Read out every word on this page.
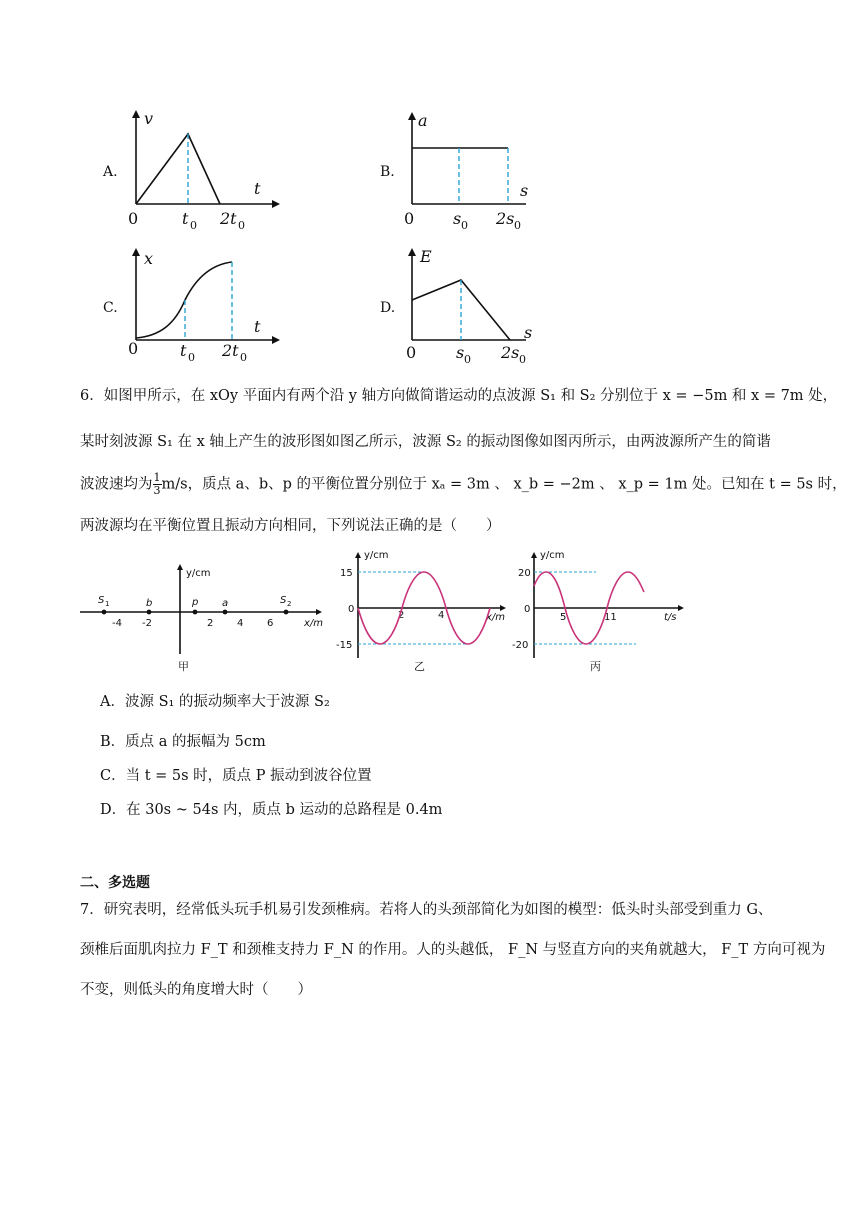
A.	B.
C.	D.
v
t
0	t 0 2t 0
a
s
0 s 0 2s 0
x
t
0	t 0 2t 0
E
s
0 s 0 2s 0
6．如图甲所示，在 xOy 平面内有两个沿 y 轴方向做简谐运动的点波源 S₁ 和 S₂ 分别位于 x = −5m 和 x = 7m 处，
某时刻波源 S₁ 在 x 轴上产生的波形图如图乙所示，波源 S₂ 的振动图像如图丙所示，由两波源所产生的简谐
波波速均为 $\frac{1}{3} m/s$，质点 a、b、p 的平衡位置分别位于 xₐ = 3m 、 x_b = −2m 、 x_p = 1m 处。已知在 t = 5s 时，
两波源均在平衡位置且振动方向相同，下列说法正确的是（　　）
y/cm
x/m
S 1	b	p a	S 2
-4 -2	2 4 6
甲
y/cm
x/m
15
-15
0
2	4
乙
y/cm
t/s
20
-20
0
5	11
丙
A．波源 S₁ 的振动频率大于波源 S₂
B．质点 a 的振幅为 5cm
C．当 t = 5s 时，质点 P 振动到波谷位置
D．在 30s ~ 54s 内，质点 b 运动的总路程是 0.4m
二、多选题
7．研究表明，经常低头玩手机易引发颈椎病。若将人的头颈部简化为如图的模型：低头时头部受到重力 G、
颈椎后面肌肉拉力 F_T 和颈椎支持力 F_N 的作用。人的头越低， F_N 与竖直方向的夹角就越大， F_T 方向可视为
不变，则低头的角度增大时（　　）
